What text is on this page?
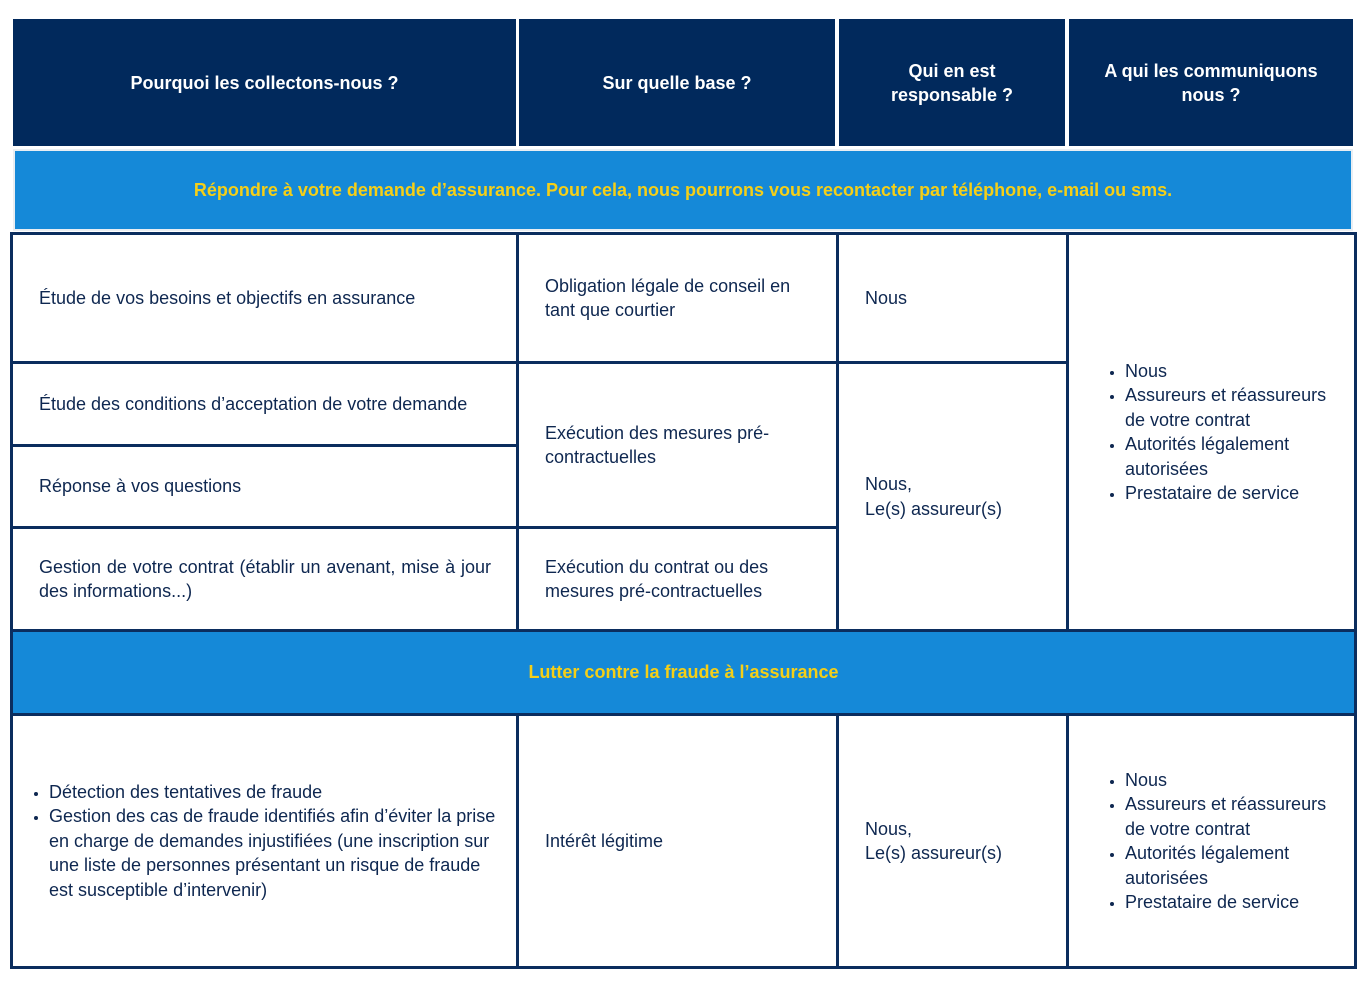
Pourquoi les collectons-nous ?	Sur quelle base ?
Qui en est responsable ?
A qui les communiquons nous ?
Répondre à votre demande d’assurance. Pour cela, nous pourrons vous recontacter par téléphone, e-mail ou sms.
Étude de vos besoins et objectifs en assurance
Étude des conditions d’acceptation de votre demande
Réponse à vos questions
Gestion de votre contrat (établir un avenant, mise à jour des informations...)
Obligation légale de conseil en tant que courtier
Exécution des mesures pré-contractuelles
Exécution du contrat ou des mesures pré-contractuelles
Nous
Nous,
Le(s) assureur(s)
• Nous
• Assureurs et réassureurs de votre contrat
• Autorités légalement autorisées
• Prestataire de service
Lutter contre la fraude à l’assurance
• Détection des tentatives de fraude
• Gestion des cas de fraude identifiés afin d’éviter la prise en charge de demandes injustifiées (une inscription sur une liste de personnes présentant un risque de fraude est susceptible d’intervenir)
Intérêt légitime
Nous,
Le(s) assureur(s)
• Nous
• Assureurs et réassureurs de votre contrat
• Autorités légalement autorisées
• Prestataire de service
